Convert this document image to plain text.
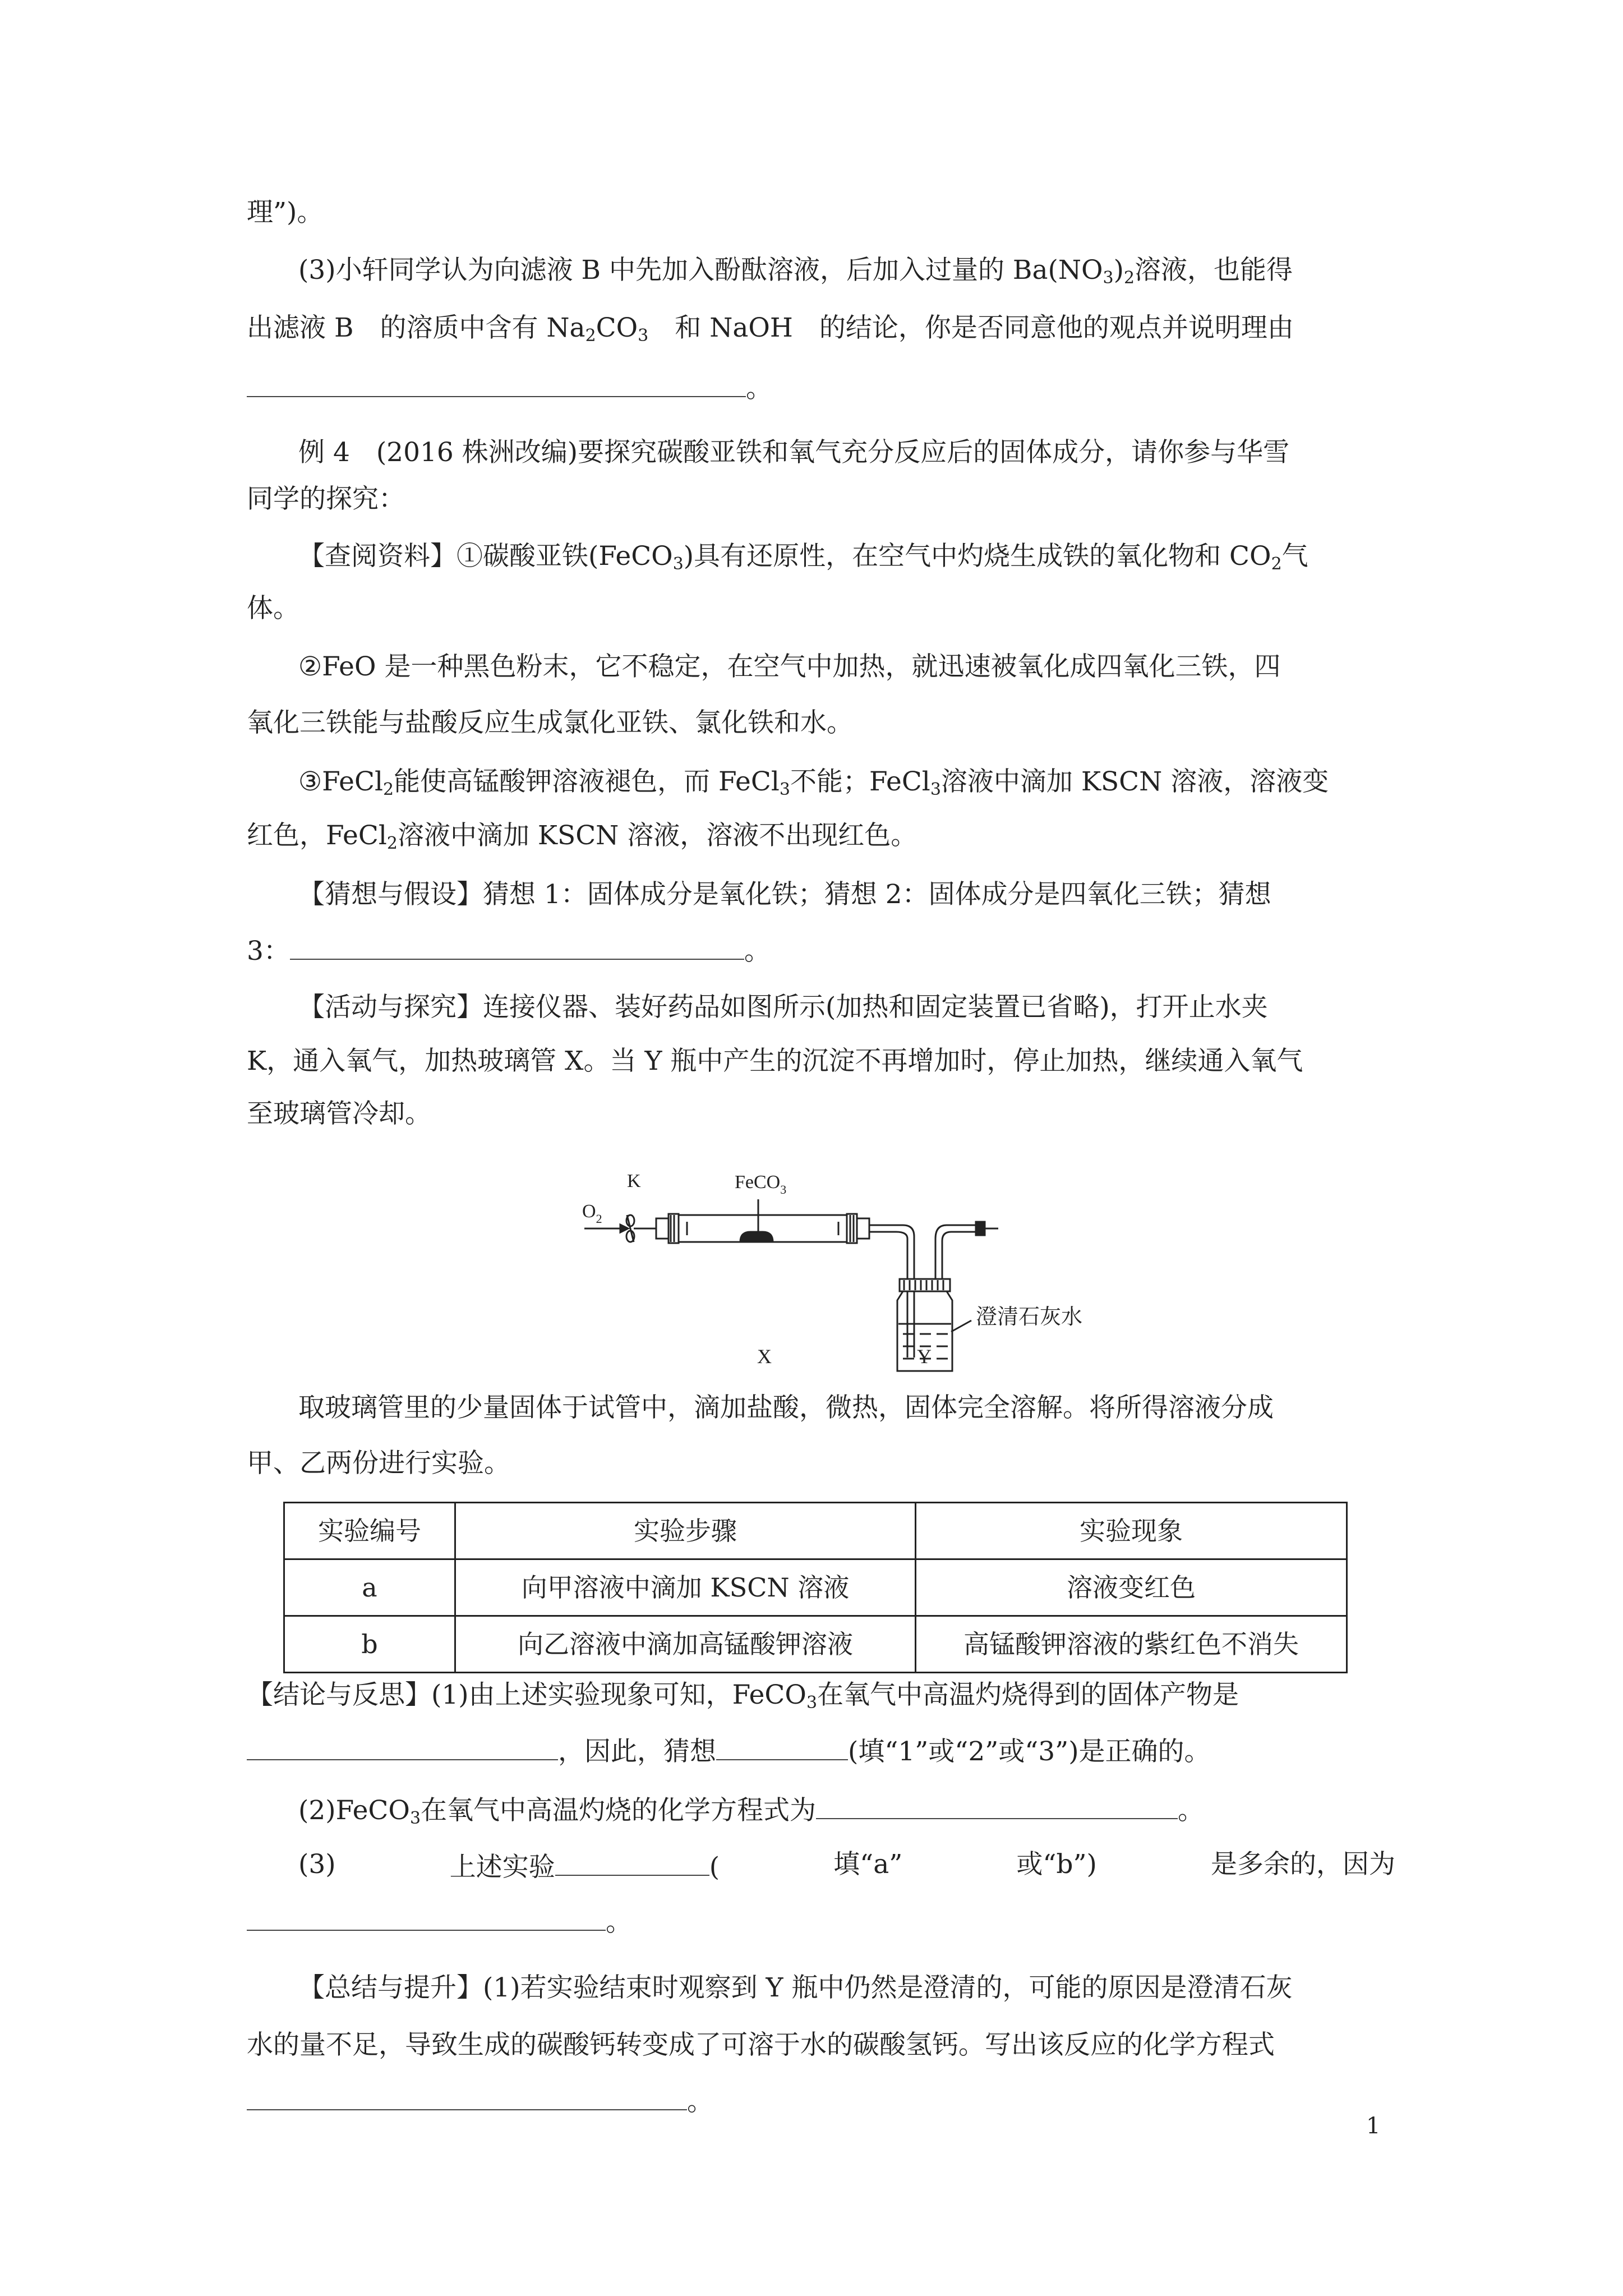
理”)。
(3)小轩同学认为向滤液 B 中先加入酚酞溶液，后加入过量的 $Ba(NO_3)_2$溶液，也能得
出滤液 B　的溶质中含有 $Na_2CO_3$　和 NaOH　的结论，你是否同意他的观点并说明理由
。
例 4　(2016 株洲改编)要探究碳酸亚铁和氧气充分反应后的固体成分，请你参与华雪
同学的探究：
【查阅资料】①碳酸亚铁(FeCO$_3$)具有还原性，在空气中灼烧生成铁的氧化物和 $CO_2$气
体。
②FeO 是一种黑色粉末，它不稳定，在空气中加热，就迅速被氧化成四氧化三铁，四
氧化三铁能与盐酸反应生成氯化亚铁、氯化铁和水。
③FeCl$_2$能使高锰酸钾溶液褪色，而 FeCl$_3$不能；FeCl$_3$溶液中滴加 KSCN 溶液，溶液变
红色，FeCl$_2$溶液中滴加 KSCN 溶液，溶液不出现红色。
【猜想与假设】猜想 1：固体成分是氧化铁；猜想 2：固体成分是四氧化三铁；猜想
3：	。
【活动与探究】连接仪器、装好药品如图所示(加热和固定装置已省略)，打开止水夹
K，通入氧气，加热玻璃管 X。当 Y 瓶中产生的沉淀不再增加时，停止加热，继续通入氧气
至玻璃管冷却。
$O_2$
K	FeCO$_3$
澄清石灰水
X	Y
取玻璃管里的少量固体于试管中，滴加盐酸，微热，固体完全溶解。将所得溶液分成
甲、乙两份进行实验。
实验编号	实验步骤	实验现象
a	向甲溶液中滴加 KSCN 溶液	溶液变红色
b	向乙溶液中滴加高锰酸钾溶液	高锰酸钾溶液的紫红色不消失
【结论与反思】(1)由上述实验现象可知，FeCO$_3$在氧气中高温灼烧得到的固体产物是
，因此，猜想	(填“1”或“2”或“3”)是正确的。
(2)FeCO$_3$在氧气中高温灼烧的化学方程式为	。
(3)	上述实验	(	填“a”	或“b”)	是多余的，因为
。
【总结与提升】(1)若实验结束时观察到 Y 瓶中仍然是澄清的，可能的原因是澄清石灰
水的量不足，导致生成的碳酸钙转变成了可溶于水的碳酸氢钙。写出该反应的化学方程式
。
1
